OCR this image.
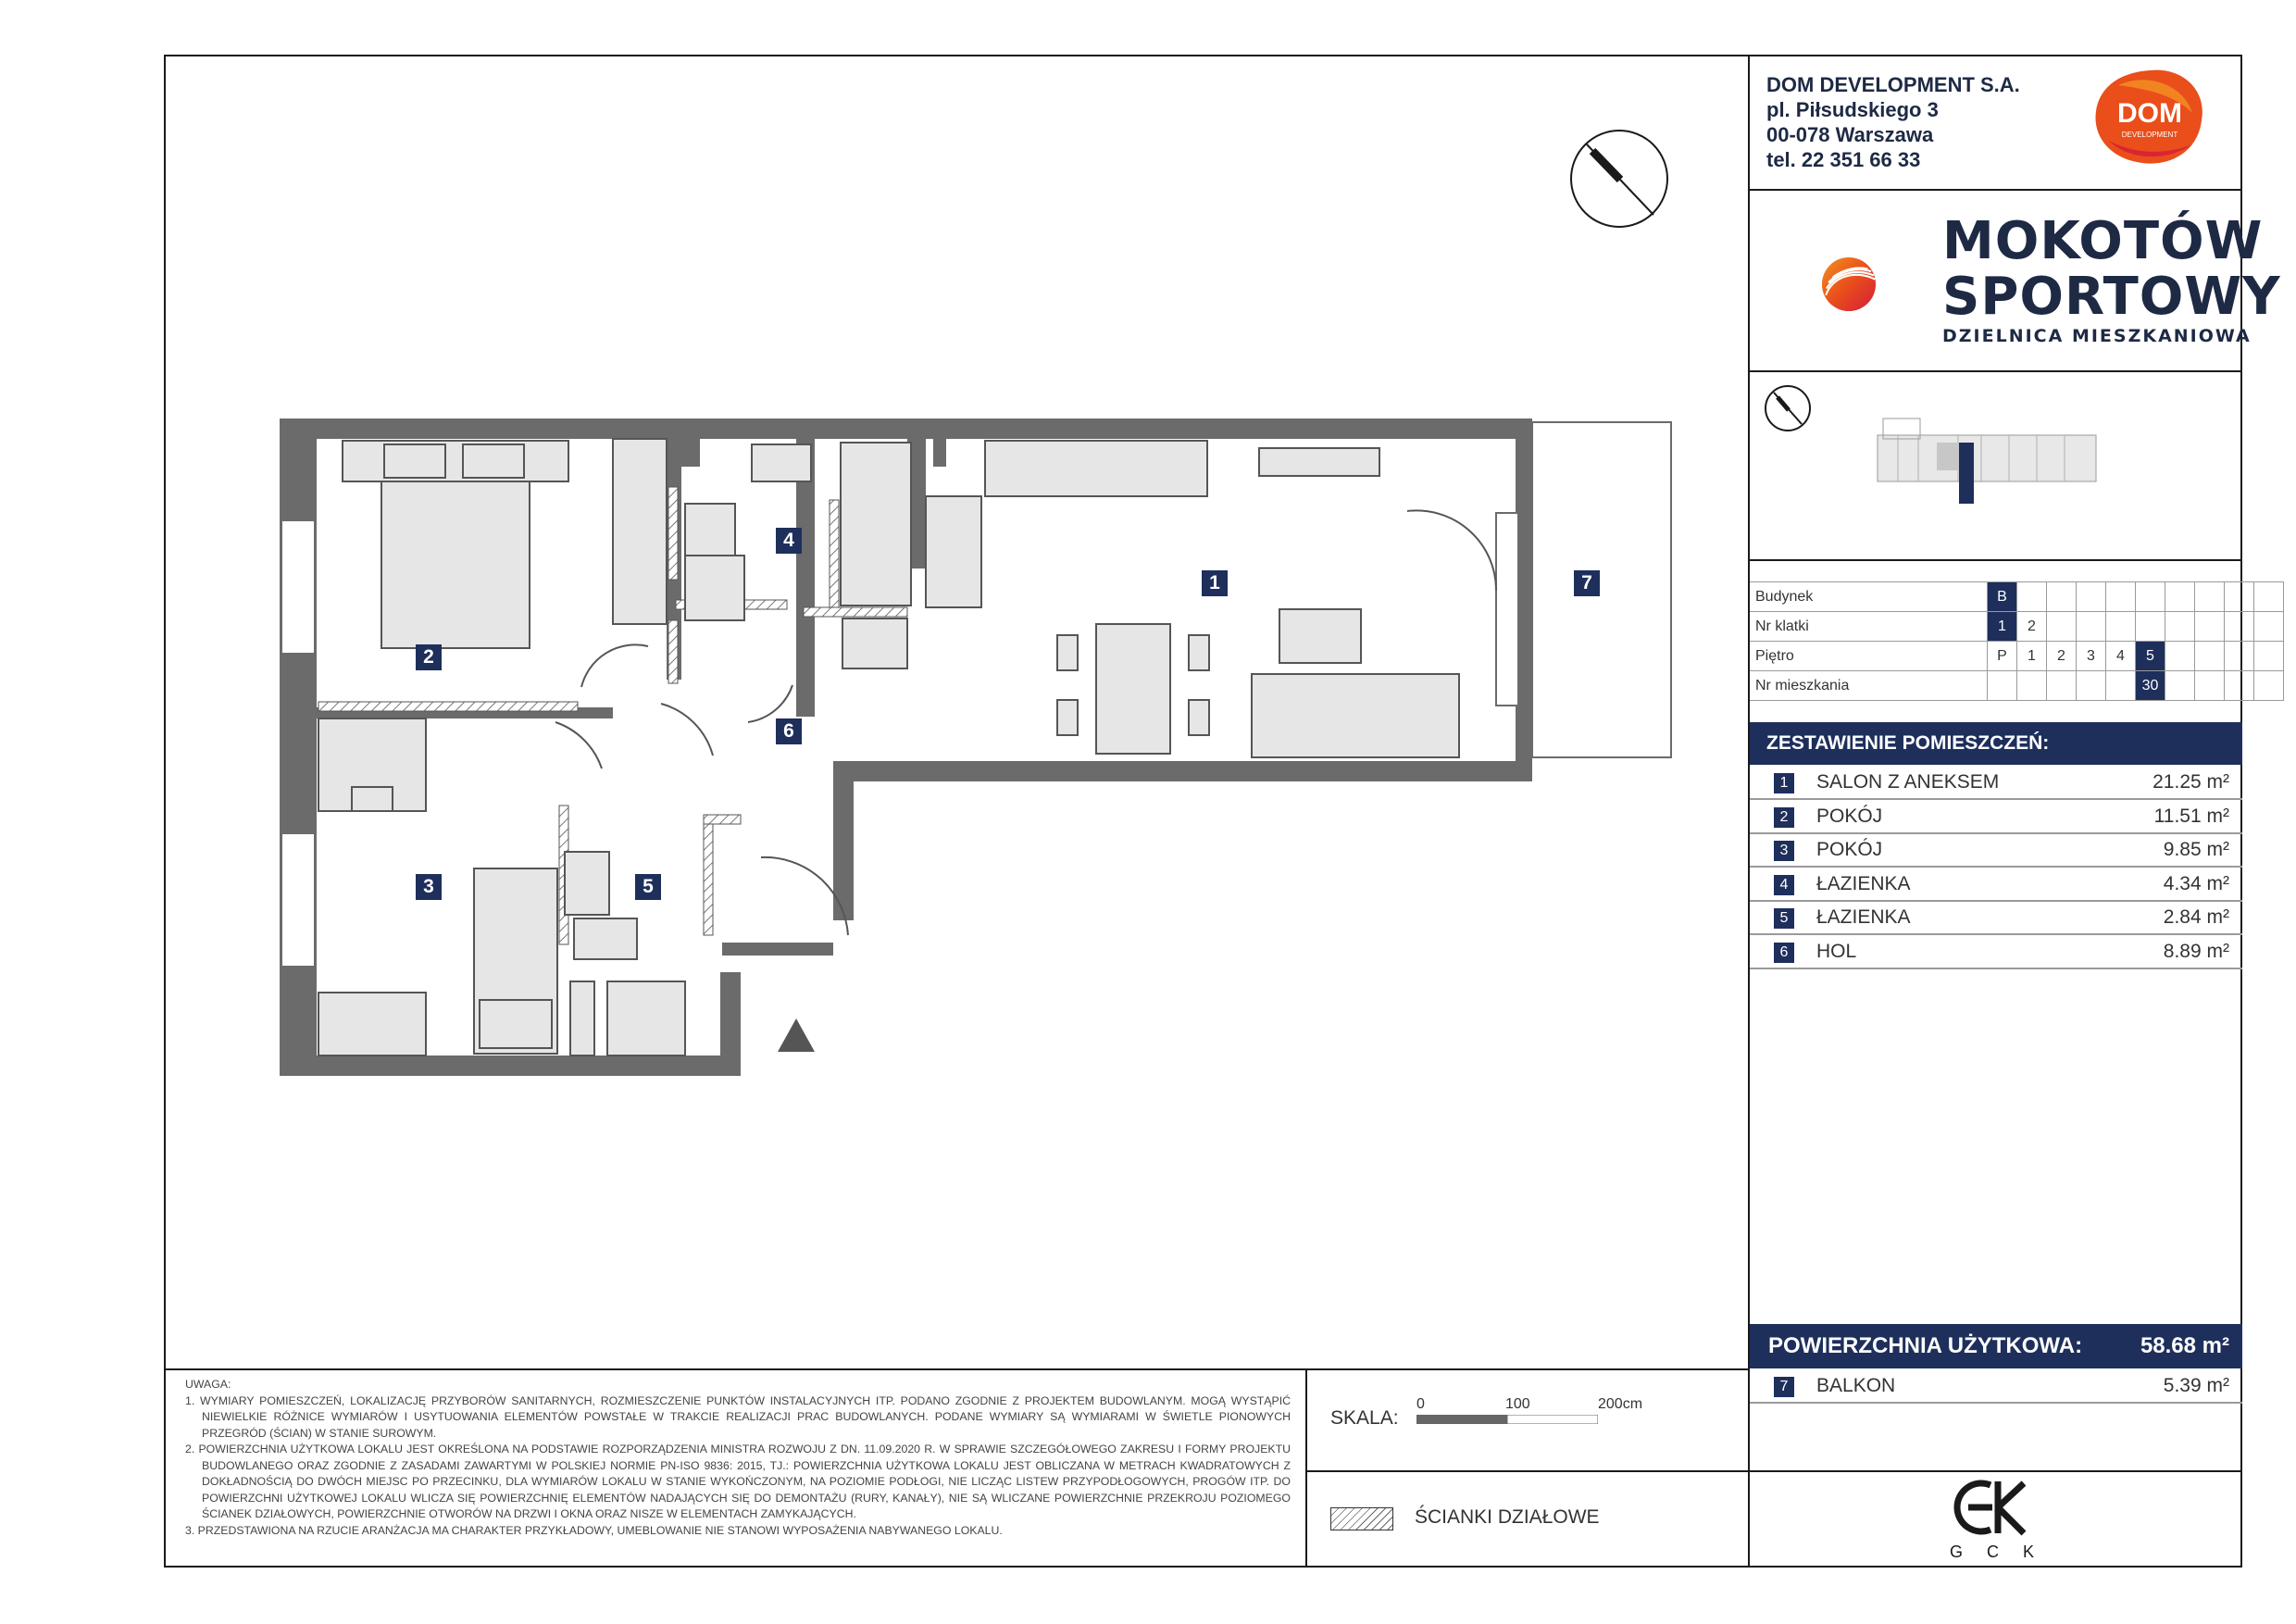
DOM DEVELOPMENT S.A.
pl. Piłsudskiego 3
00-078 Warszawa
tel. 22 351 66 33
DOM
DEVELOPMENT
MOKOTÓW
SPORTOWY
DZIELNICA MIESZKANIOWA
Budynek	B									
Nr klatki	1	2								
Piętro	P	1	2	3	4	5				
Nr mieszkania						30				
ZESTAWIENIE POMIESZCZEŃ:
1	SALON Z ANEKSEM	21.25 m²
2	POKÓJ	11.51 m²
3	POKÓJ	9.85 m²
4	ŁAZIENKA	4.34 m²
5	ŁAZIENKA	2.84 m²
6	HOL	8.89 m²
POWIERZCHNIA UŻYTKOWA:	58.68 m²
7	BALKON	5.39 m²
GCK
UWAGA:

1. WYMIARY POMIESZCZEŃ, LOKALIZACJĘ PRZYBORÓW SANITARNYCH, ROZMIESZCZENIE PUNKTÓW INSTALACYJNYCH ITP. PODANO ZGODNIE Z PROJEKTEM BUDOWLANYM. MOGĄ WYSTĄPIĆ NIEWIELKIE RÓŻNICE WYMIARÓW I USYTUOWANIA ELEMENTÓW POWSTAŁE W TRAKCIE REALIZACJI PRAC BUDOWLANYCH. PODANE WYMIARY SĄ WYMIARAMI W ŚWIETLE PIONOWYCH PRZEGRÓD (ŚCIAN) W STANIE SUROWYM.

2. POWIERZCHNIA UŻYTKOWA LOKALU JEST OKREŚLONA NA PODSTAWIE ROZPORZĄDZENIA MINISTRA ROZWOJU Z DN. 11.09.2020 R. W SPRAWIE SZCZEGÓŁOWEGO ZAKRESU I FORMY PROJEKTU BUDOWLANEGO ORAZ ZGODNIE Z ZASADAMI ZAWARTYMI W POLSKIEJ NORMIE PN-ISO 9836: 2015, TJ.: POWIERZCHNIA UŻYTKOWA LOKALU JEST OBLICZANA W METRACH KWADRATOWYCH Z DOKŁADNOŚCIĄ DO DWÓCH MIEJSC PO PRZECINKU, DLA WYMIARÓW LOKALU W STANIE WYKOŃCZONYM, NA POZIOMIE PODŁOGI, NIE LICZĄC LISTEW PRZYPODŁOGOWYCH, PROGÓW ITP. DO POWIERZCHNI UŻYTKOWEJ LOKALU WLICZA SIĘ POWIERZCHNIĘ ELEMENTÓW NADAJĄCYCH SIĘ DO DEMONTAŻU (RURY, KANAŁY), NIE SĄ WLICZANE POWIERZCHNIE PRZEKROJU POZIOMEGO ŚCIANEK DZIAŁOWYCH, POWIERZCHNIE OTWORÓW NA DRZWI I OKNA ORAZ NISZE W ELEMENTACH ZAMYKAJĄCYCH.

3. PRZEDSTAWIONA NA RZUCIE ARANŻACJA MA CHARAKTER PRZYKŁADOWY, UMEBLOWANIE NIE STANOWI WYPOSAŻENIA NABYWANEGO LOKALU.

SKALA:
0	100	200cm
ŚCIANKI DZIAŁOWE
1
2
3
4
5
6
7
